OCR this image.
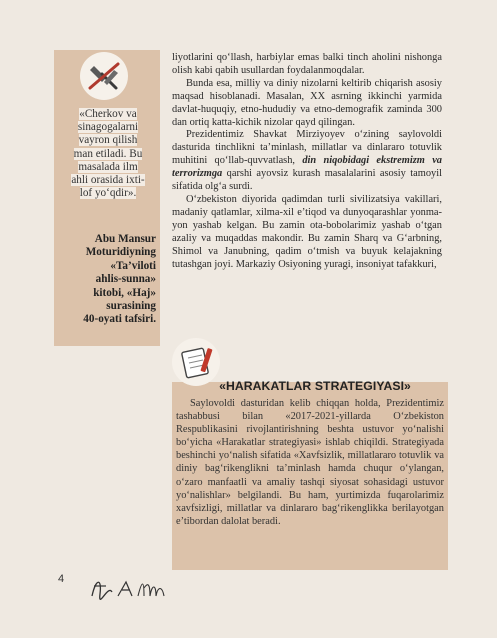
«Cherkov va
sinagogalarni
vayron qilish
man etiladi. Bu
masalada ilm
ahli orasida ixti-
lof yo‘qdir».
Abu Mansur
Moturidiyning
«Ta’viloti
ahlis-sunna»
kitobi, «Haj»
surasining
40-oyati tafsiri.

liyotlarini qo‘llash, harbiylar emas balki tinch aholini nishonga olish kabi qabih usullardan foydalanmoqdalar.

Bunda esa, milliy va diniy nizolarni keltirib chiqarish asosiy maqsad hisoblanadi. Masalan, XX asrning ikkinchi yarmida davlat-huquqiy, etno-hududiy va etno-demografik zaminda 300 dan ortiq katta-kichik nizolar qayd qilingan.

Prezidentimiz Shavkat Mirziyoyev o‘zining saylovoldi dasturida tinchlikni ta’minlash, millatlar va dinlararo totuvlik muhitini qo‘llab-quvvatlash, din niqobidagi ekstremizm va terrorizmga qarshi ayovsiz kurash masalalarini asosiy tamoyil sifatida olg‘a surdi.

O‘zbekiston diyorida qadimdan turli sivilizatsiya vakillari, madaniy qatlamlar, xilma-xil e’tiqod va dunyoqarashlar yonma-yon yashab kelgan. Bu zamin ota-bobolarimiz yashab o‘tgan azaliy va muqaddas makondir. Bu zamin Sharq va G‘arbning, Shimol va Janubning, qadim o‘tmish va buyuk kelajakning tutashgan joyi. Markaziy Osiyoning yuragi, insoniyat tafakkuri,

«HARAKATLAR STRATEGIYASI»

Saylovoldi dasturidan kelib chiqqan holda, Prezidentimiz tashabbusi bilan «2017-2021-yillarda O‘zbekiston Respublikasini rivojlantirishning beshta ustuvor yo‘nalishi bo‘yicha «Harakatlar strategiyasi» ishlab chiqildi. Strategiyada beshinchi yo‘nalish sifatida «Xavfsizlik, millatlararo totuvlik va diniy bag‘rikenglikni ta’minlash hamda chuqur o‘ylangan, o‘zaro manfaatli va amaliy tashqi siyosat sohasidagi ustuvor yo‘nalishlar» belgilandi. Bu ham, yurtimizda fuqarolarimiz xavfsizligi, millatlar va dinlararo bag‘rikenglikka berilayotgan e’tibordan dalolat beradi.

4
